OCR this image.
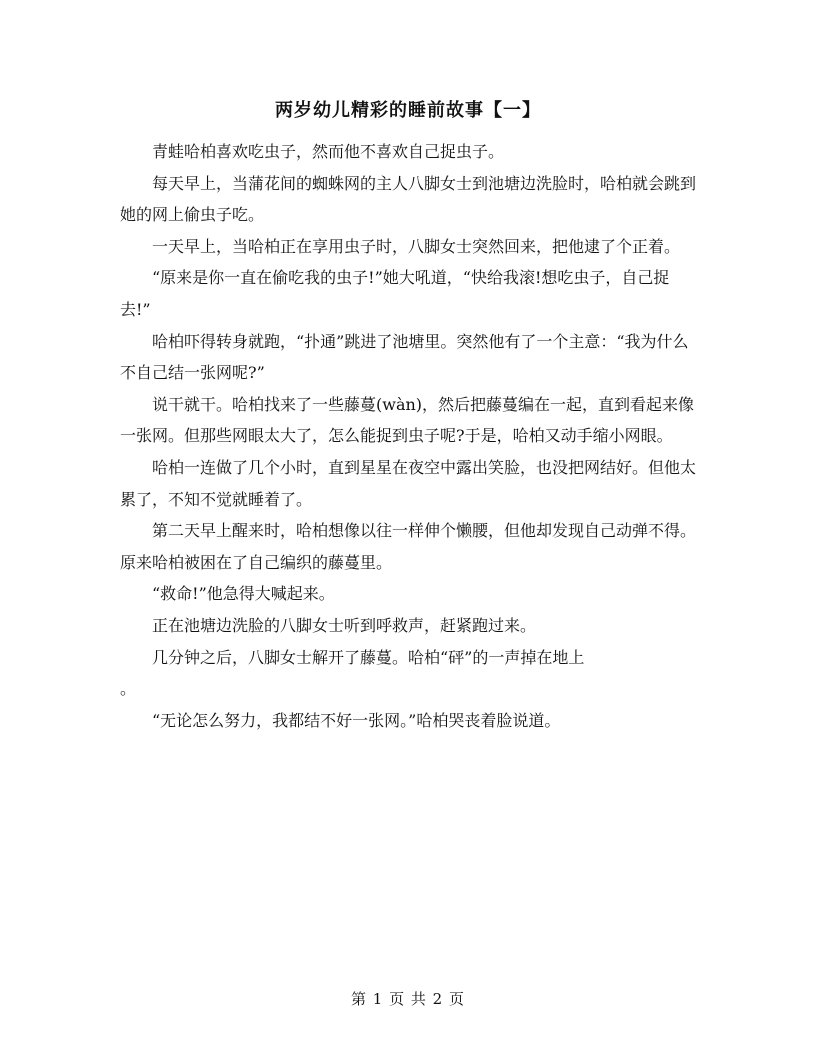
两岁幼儿精彩的睡前故事【一】

青蛙哈柏喜欢吃虫子，然而他不喜欢自己捉虫子。

每天早上，当蒲花间的蜘蛛网的主人八脚女士到池塘边洗脸时，哈柏就会跳到她的网上偷虫子吃。

一天早上，当哈柏正在享用虫子时，八脚女士突然回来，把他逮了个正着。

“原来是你一直在偷吃我的虫子!”她大吼道，“快给我滚!想吃虫子，自己捉去!”

哈柏吓得转身就跑，“扑通”跳进了池塘里。突然他有了一个主意：“我为什么不自己结一张网呢?”

说干就干。哈柏找来了一些藤蔓(wàn)，然后把藤蔓编在一起，直到看起来像一张网。但那些网眼太大了，怎么能捉到虫子呢?于是，哈柏又动手缩小网眼。

哈柏一连做了几个小时，直到星星在夜空中露出笑脸，也没把网结好。但他太累了，不知不觉就睡着了。

第二天早上醒来时，哈柏想像以往一样伸个懒腰，但他却发现自己动弹不得。原来哈柏被困在了自己编织的藤蔓里。

“救命!”他急得大喊起来。

正在池塘边洗脸的八脚女士听到呼救声，赶紧跑过来。

几分钟之后，八脚女士解开了藤蔓。哈柏“砰”的一声掉在地上

。

“无论怎么努力，我都结不好一张网。”哈柏哭丧着脸说道。

第 1 页 共 2 页
